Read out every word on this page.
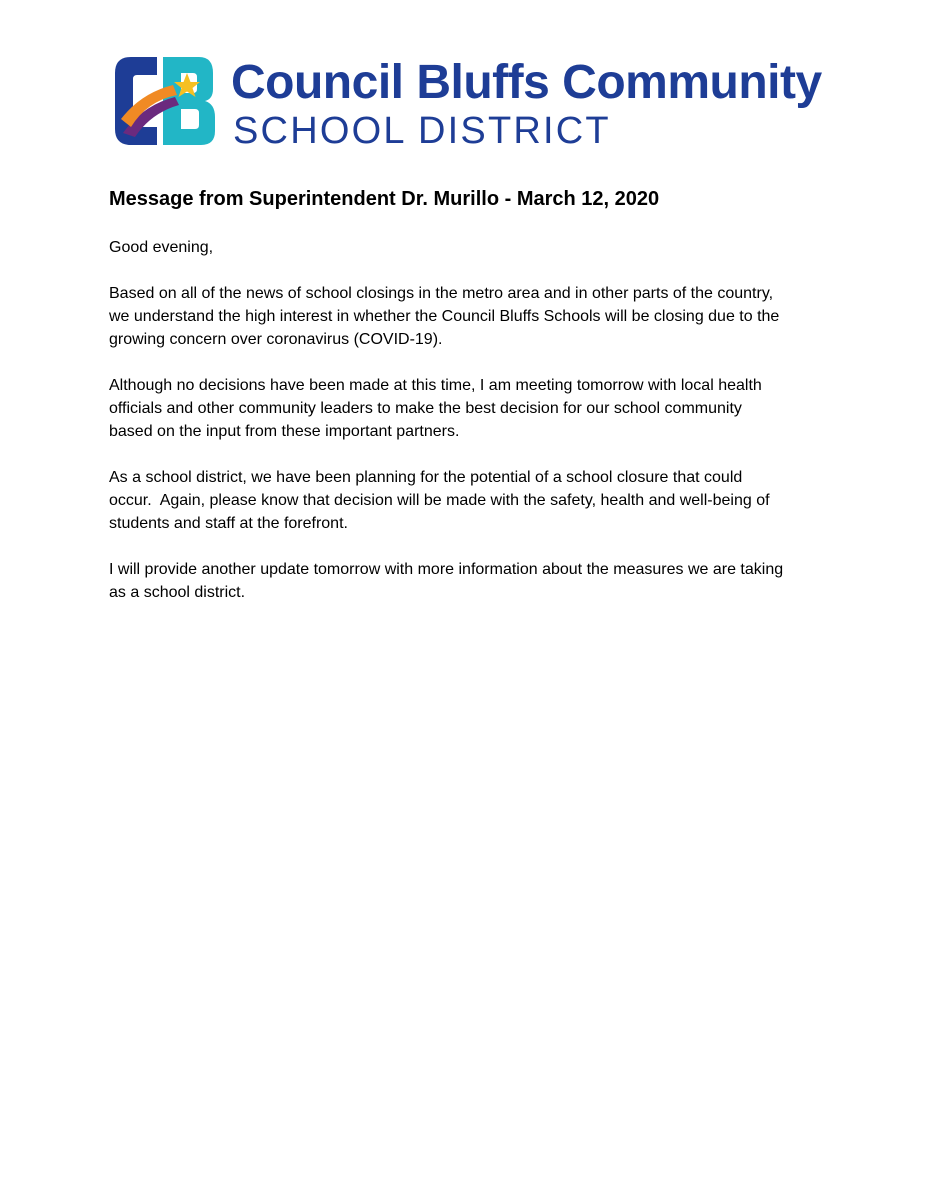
Council Bluffs Community
SCHOOL DISTRICT
Message from Superintendent Dr. Murillo - March 12, 2020

Good evening,

Based on all of the news of school closings in the metro area and in other parts of the country,
we understand the high interest in whether the Council Bluffs Schools will be closing due to the
growing concern over coronavirus (COVID-19).

Although no decisions have been made at this time, I am meeting tomorrow with local health
officials and other community leaders to make the best decision for our school community
based on the input from these important partners.

As a school district, we have been planning for the potential of a school closure that could
occur.  Again, please know that decision will be made with the safety, health and well-being of
students and staff at the forefront.

I will provide another update tomorrow with more information about the measures we are taking
as a school district.
